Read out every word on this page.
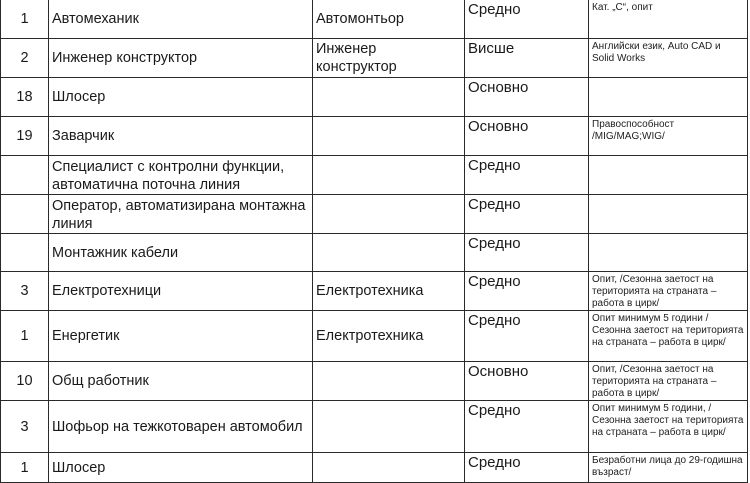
1	Автомеханик	Автомонтьор	Средно	Кат. „С“, опит
2	Инженер конструктор	Инженер конструктор	Висше	Английски език, Auto CAD и Solid Works
18	Шлосер		Основно	
19	Заварчик		Основно	Правоспособност /MIG/MAG;WIG/
	Специалист с контролни функции, автоматична поточна линия		Средно	
	Оператор, автоматизирана монтажна линия		Средно	
	Монтажник кабели		Средно	
3	Електротехници	Електротехника	Средно	Опит, /Сезонна заетост на територията на страната – работа в цирк/
1	Енергетик	Електротехника	Средно	Опит минимум 5 години /Сезонна заетост на територията на страната – работа в цирк/
10	Общ работник		Основно	Опит, /Сезонна заетост на територията на страната – работа в цирк/
3	Шофьор на тежкотоварен автомобил		Средно	Опит минимум 5 години, /Сезонна заетост на територията на страната – работа в цирк/
1	Шлосер		Средно	Безработни лица до 29-годишна възраст/
